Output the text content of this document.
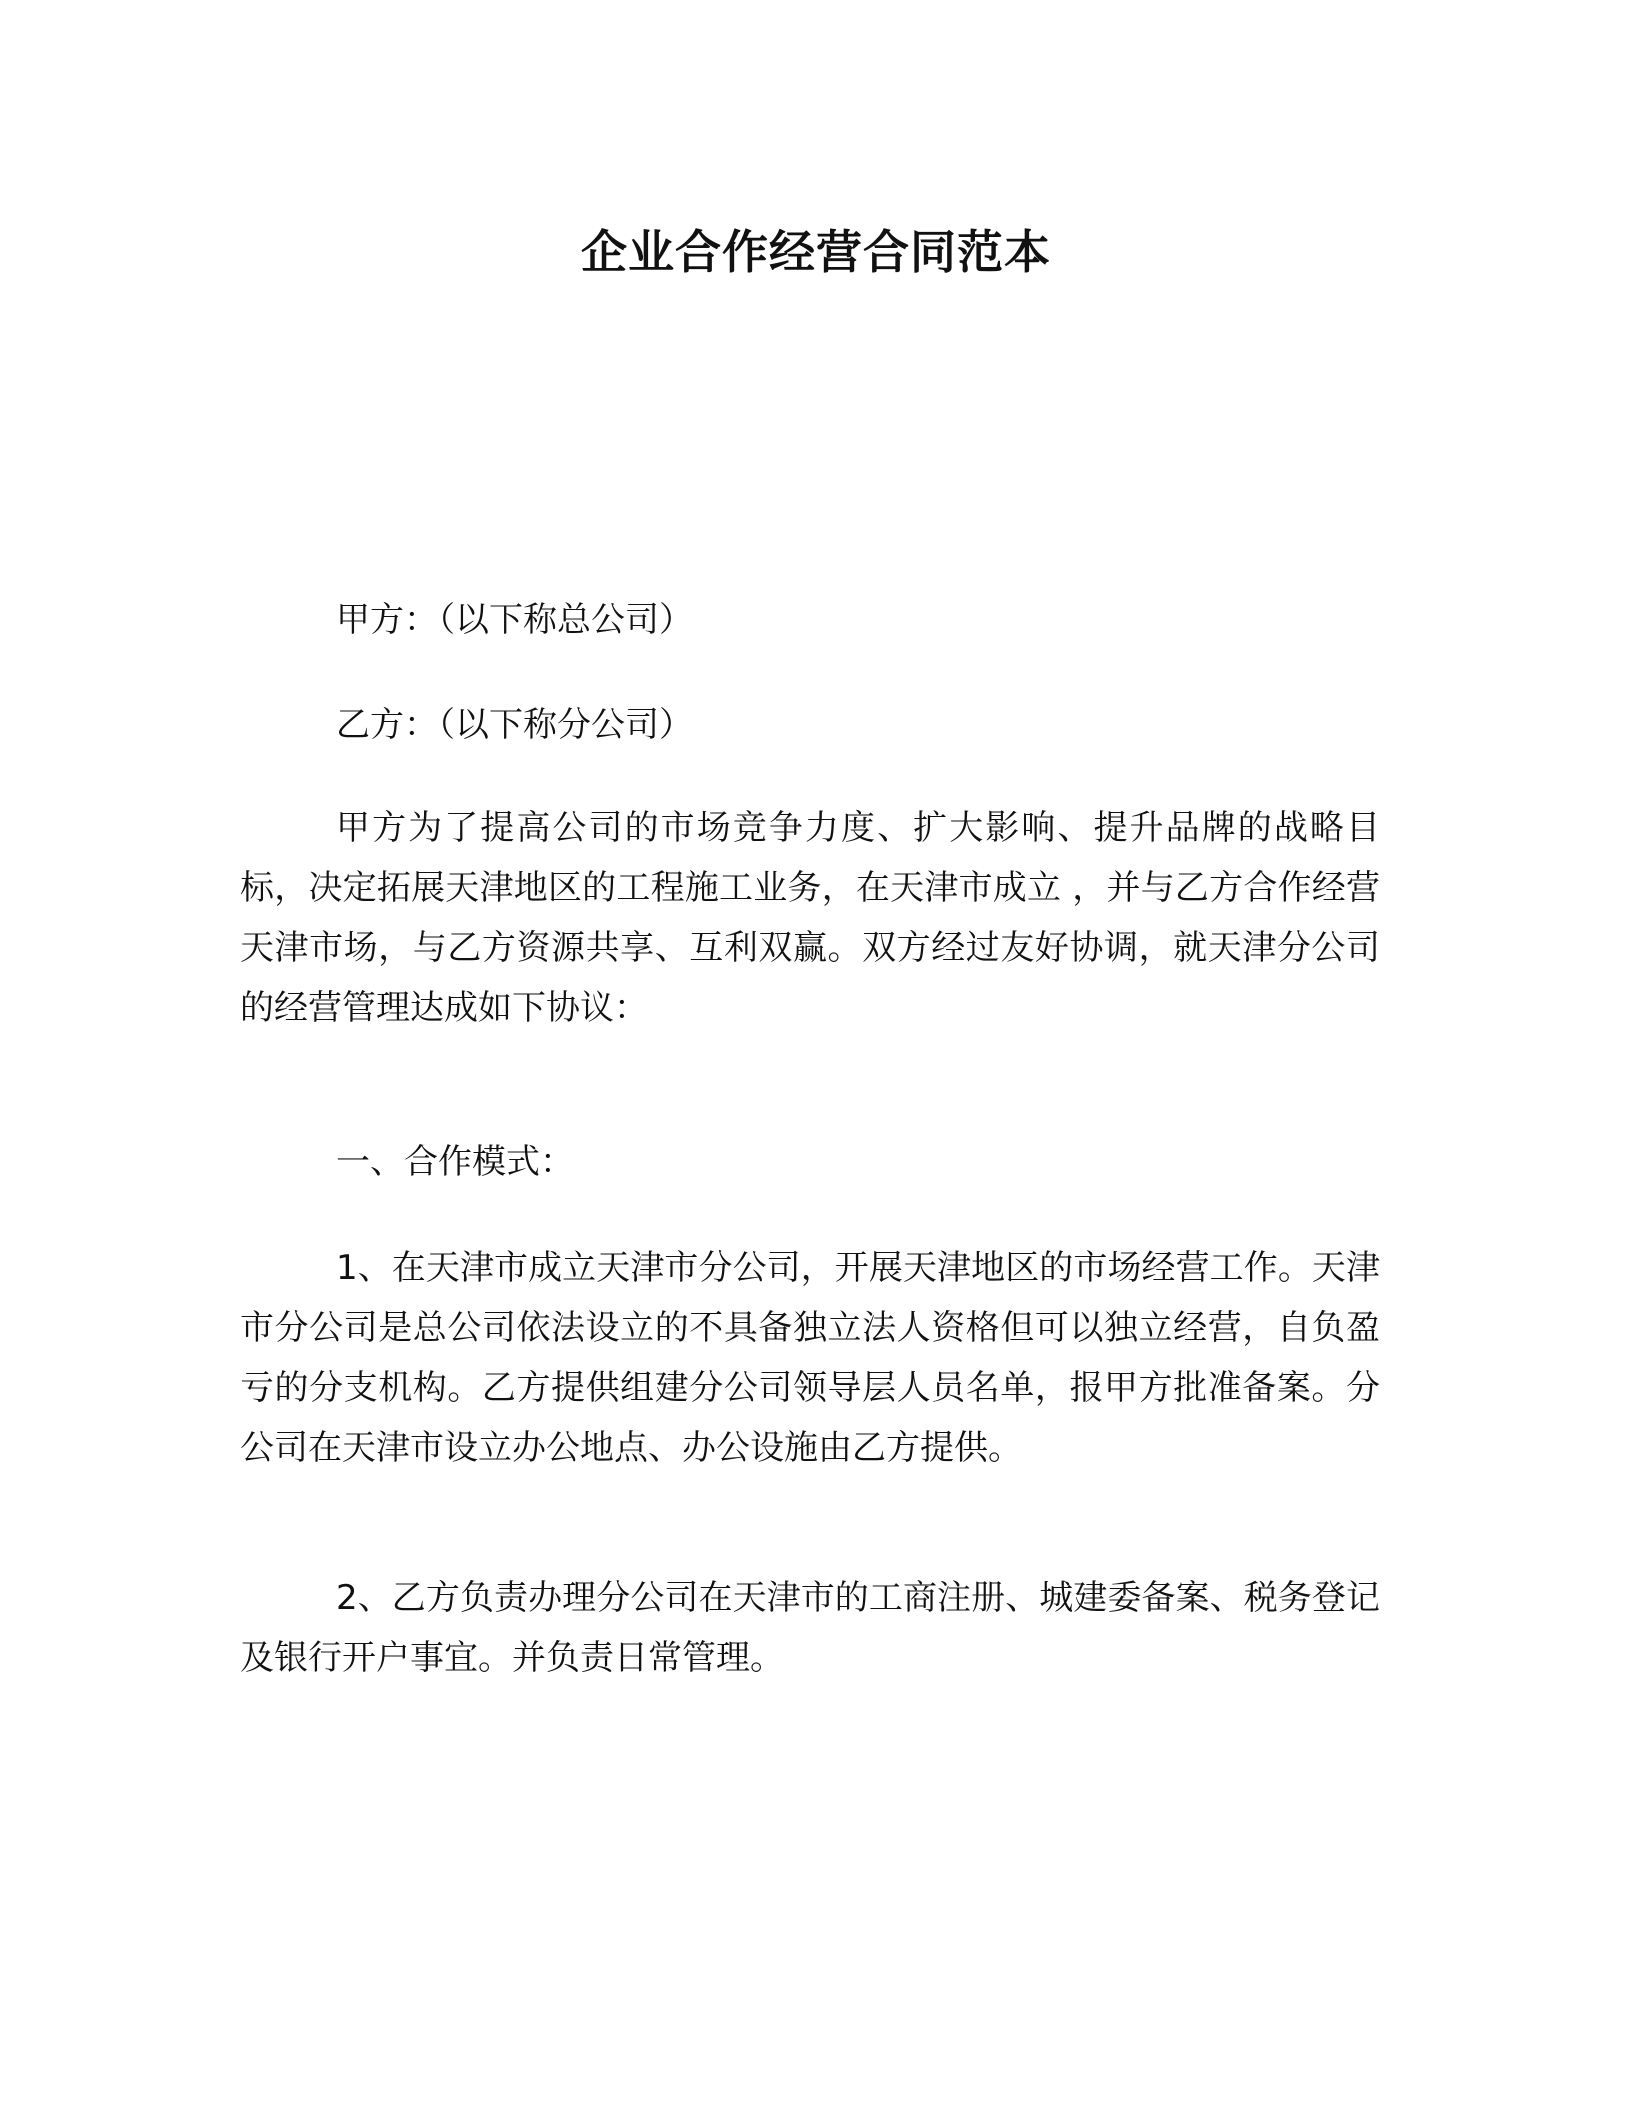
企业合作经营合同范本

甲方：（以下称总公司）

乙方：（以下称分公司）

甲方为了提高公司的市场竞争力度、扩大影响、提升品牌的战略目标，决定拓展天津地区的工程施工业务，在天津市成立 ，并与乙方合作经营天津市场，与乙方资源共享、互利双赢。双方经过友好协调，就天津分公司的经营管理达成如下协议：

一、合作模式：

1、在天津市成立天津市分公司，开展天津地区的市场经营工作。天津市分公司是总公司依法设立的不具备独立法人资格但可以独立经营，自负盈亏的分支机构。乙方提供组建分公司领导层人员名单，报甲方批准备案。分公司在天津市设立办公地点、办公设施由乙方提供。

2、乙方负责办理分公司在天津市的工商注册、城建委备案、税务登记及银行开户事宜。并负责日常管理。
